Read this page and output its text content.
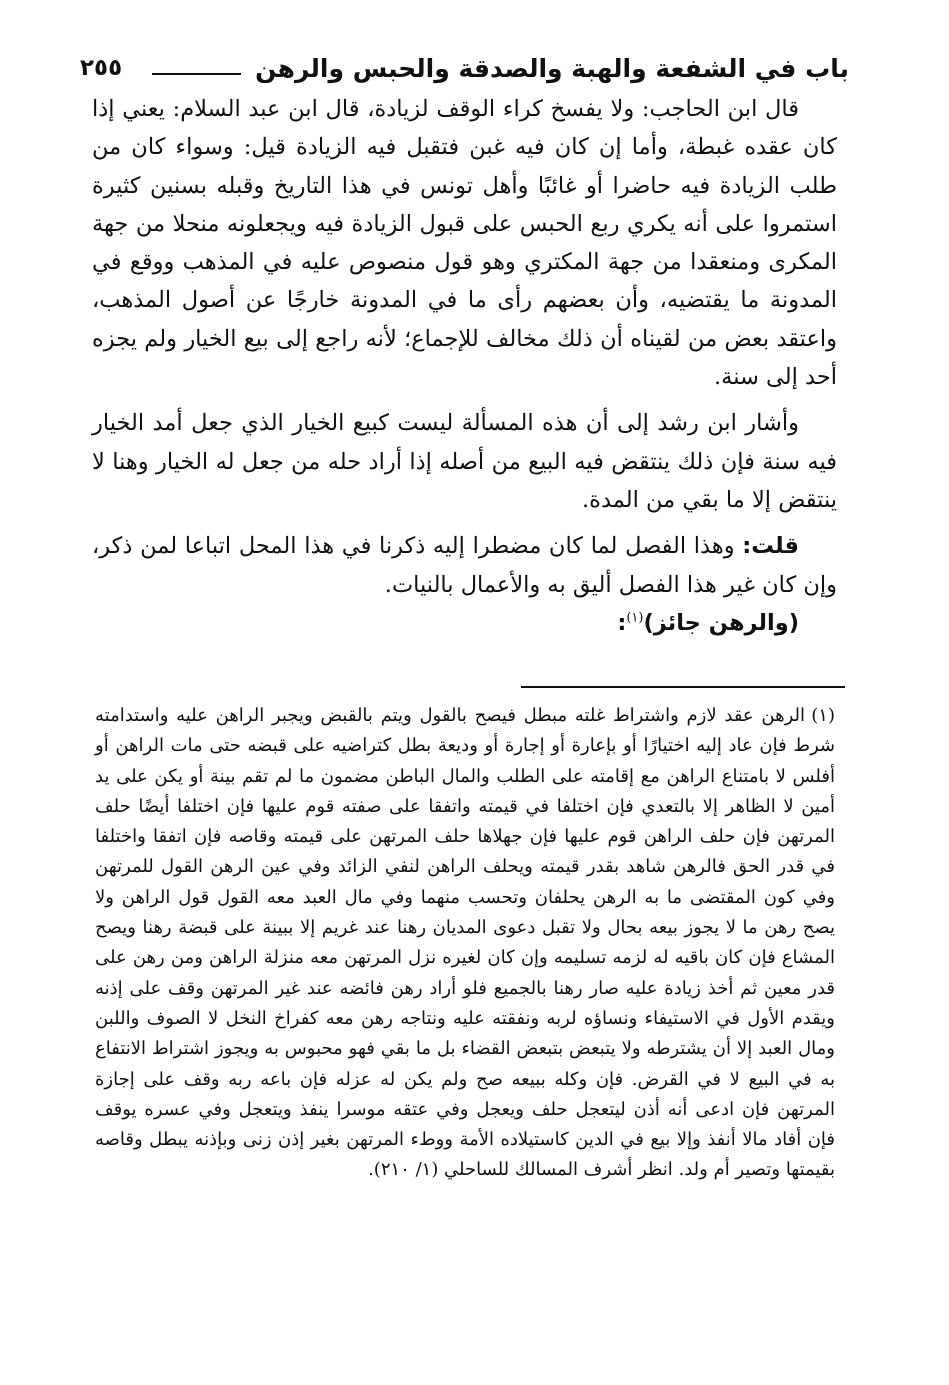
باب في الشفعة والهبة والصدقة والحبس والرهن
٢٥٥

قال ابن الحاجب: ولا يفسخ كراء الوقف لزيادة، قال ابن عبد السلام: يعني إذا كان عقده غبطة، وأما إن كان فيه غبن فتقبل فيه الزيادة قيل: وسواء كان من طلب الزيادة فيه حاضرا أو غائبًا وأهل تونس في هذا التاريخ وقبله بسنين كثيرة استمروا على أنه يكري ربع الحبس على قبول الزيادة فيه ويجعلونه منحلا من جهة المكرى ومنعقدا من جهة المكتري وهو قول منصوص عليه في المذهب ووقع في المدونة ما يقتضيه، وأن بعضهم رأى ما في المدونة خارجًا عن أصول المذهب، واعتقد بعض من لقيناه أن ذلك مخالف للإجماع؛ لأنه راجع إلى بيع الخيار ولم يجزه أحد إلى سنة.

وأشار ابن رشد إلى أن هذه المسألة ليست كبيع الخيار الذي جعل أمد الخيار فيه سنة فإن ذلك ينتقض فيه البيع من أصله إذا أراد حله من جعل له الخيار وهنا لا ينتقض إلا ما بقي من المدة.

قلت: وهذا الفصل لما كان مضطرا إليه ذكرنا في هذا المحل اتباعا لمن ذكر، وإن كان غير هذا الفصل أليق به والأعمال بالنيات.

(والرهن جائز)$^{(١)}$:

(١)
الرهن عقد لازم واشتراط غلته مبطل فيصح بالقول ويتم بالقبض ويجبر الراهن عليه واستدامته شرط فإن عاد إليه اختيارًا أو بإعارة أو إجارة أو وديعة بطل كتراضيه على قبضه حتى مات الراهن أو أفلس لا بامتناع الراهن مع إقامته على الطلب والمال الباطن مضمون ما لم تقم بينة أو يكن على يد أمين لا الظاهر إلا بالتعدي فإن اختلفا في قيمته واتفقا على صفته قوم عليها فإن اختلفا أيضًا حلف المرتهن فإن حلف الراهن قوم عليها فإن جهلاها حلف المرتهن على قيمته وقاصه فإن اتفقا واختلفا في قدر الحق فالرهن شاهد بقدر قيمته ويحلف الراهن لنفي الزائد وفي عين الرهن القول للمرتهن وفي كون المقتضى ما به الرهن يحلفان وتحسب منهما وفي مال العبد معه القول قول الراهن ولا يصح رهن ما لا يجوز بيعه بحال ولا تقبل دعوى المديان رهنا عند غريم إلا ببينة على قبضة رهنا ويصح المشاع فإن كان باقيه له لزمه تسليمه وإن كان لغيره نزل المرتهن معه منزلة الراهن ومن رهن على قدر معين ثم أخذ زيادة عليه صار رهنا بالجميع فلو أراد رهن فائضه عند غير المرتهن وقف على إذنه ويقدم الأول في الاستيفاء ونساؤه لربه ونفقته عليه ونتاجه رهن معه كفراخ النخل لا الصوف واللبن ومال العبد إلا أن يشترطه ولا يتبعض بتبعض القضاء بل ما بقي فهو محبوس به ويجوز اشتراط الانتفاع به في البيع لا في القرض. فإن وكله ببيعه صح ولم يكن له عزله فإن باعه ربه وقف على إجازة المرتهن فإن ادعى أنه أذن ليتعجل حلف ويعجل وفي عتقه موسرا ينفذ ويتعجل وفي عسره يوقف فإن أفاد مالا أنفذ وإلا بيع في الدين كاستيلاده الأمة ووطء المرتهن بغير إذن زنى وبإذنه يبطل وقاصه بقيمتها وتصير أم ولد. انظر أشرف المسالك للساحلي (١/ ٢١٠).
